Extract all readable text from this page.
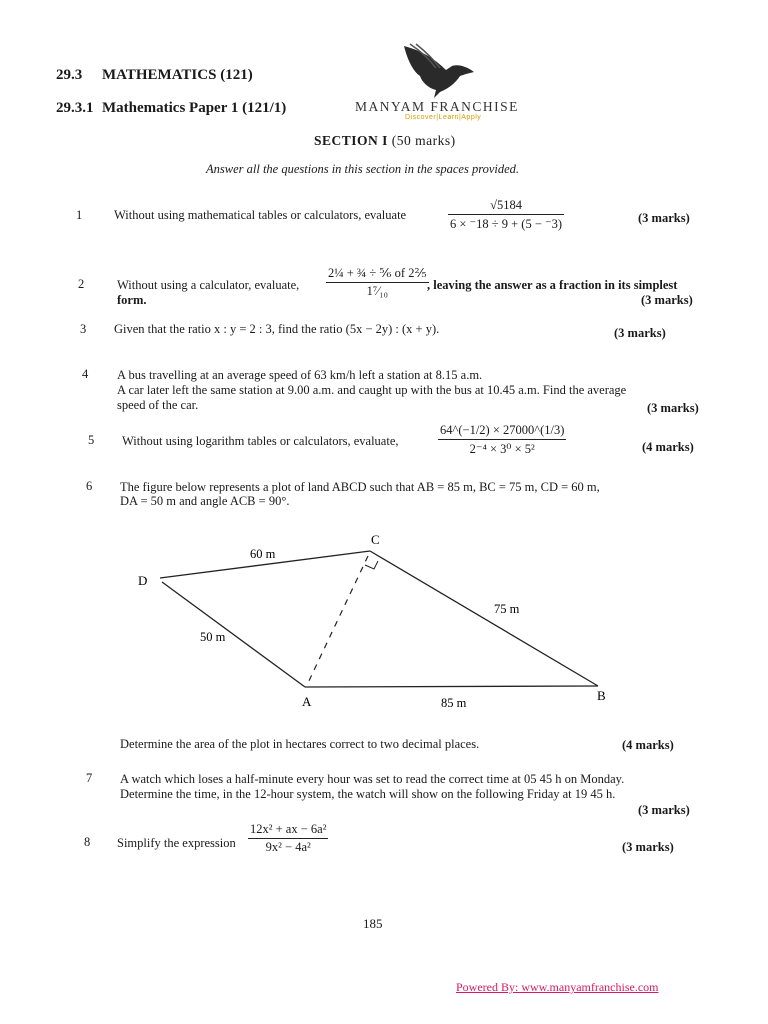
29.3 MATHEMATICS (121)
29.3.1 Mathematics Paper 1 (121/1)	MANYAM FRANCHISE
Discover|Learn|Apply
SECTION I (50 marks)
Answer all the questions in this section in the spaces provided.
1	Without using mathematical tables or calculators, evaluate	$\frac{√5184}{6 \times ^-18 \div 9 + (5 - ^-3)}$	(3 marks)
2	Without using a calculator, evaluate, $\frac{\text{2¼ + ¾ ÷ ⅚ of 2⅖}}{\text{1⁷⁄₁₀}}$
, leaving the answer as a fraction in its simplest
form.	(3 marks)
3	Given that the ratio x : y = 2 : 3, find the ratio (5x − 2y) : (x + y).	(3 marks)
4	A bus travelling at an average speed of 63 km/h left a station at 8.15 a.m.
A car later left the same station at 9.00 a.m. and caught up with the bus at 10.45 a.m. Find the average
speed of the car.	(3 marks)
5	Without using logarithm tables or calculators, evaluate,	$\frac{64\^{}(-1/2) \times 27000\^{}(1/3)}{\text{2⁻⁴ × 3⁰ × 5²}}$	(4 marks)
6	The figure below represents a plot of land ABCD such that AB = 85 m, BC = 75 m, CD = 60 m,
DA = 50 m and angle ACB = 90°.
C
D
A	B
60 m
75 m
50 m
85 m
Determine the area of the plot in hectares correct to two decimal places.	(4 marks)
7	A watch which loses a half-minute every hour was set to read the correct time at 05 45 h on Monday.
Determine the time, in the 12-hour system, the watch will show on the following Friday at 19 45 h.
(3 marks)
8	Simplify the expression $\frac{\text{12x² + ax − 6a²}}{\text{9x² − 4a²}}$	(3 marks)
185
Powered By: www.manyamfranchise.com
